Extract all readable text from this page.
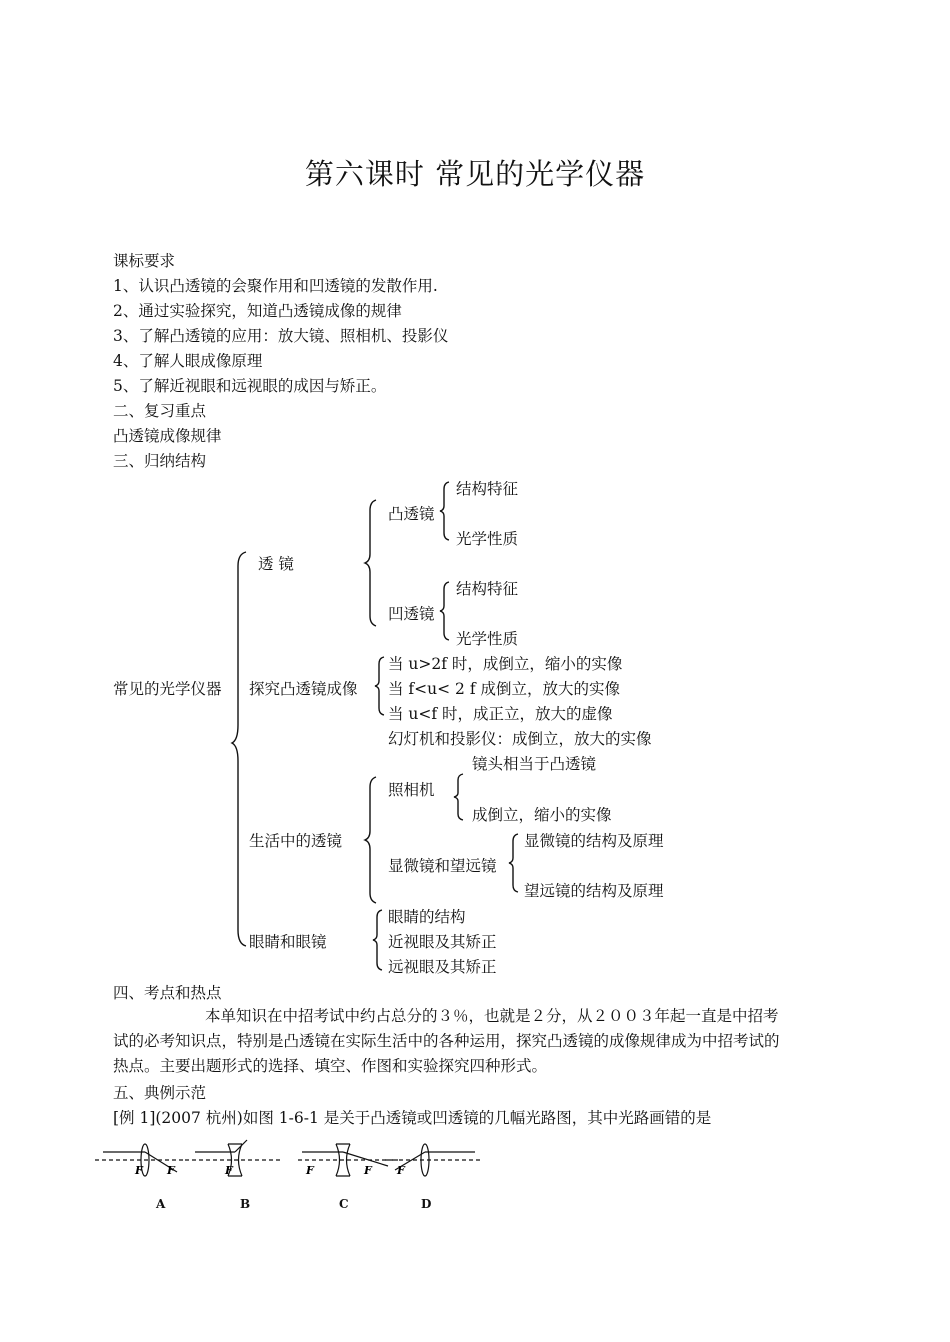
第六课时 常见的光学仪器
课标要求
1、认识凸透镜的会聚作用和凹透镜的发散作用.
2、通过实验探究，知道凸透镜成像的规律
3、了解凸透镜的应用：放大镜、照相机、投影仪
4、了解人眼成像原理
5、了解近视眼和远视眼的成因与矫正。
二、复习重点
凸透镜成像规律
三、归纳结构
常见的光学仪器
透 镜
凸透镜
结构特征
光学性质
凹透镜
结构特征
光学性质
探究凸透镜成像
当 u>2f 时，成倒立，缩小的实像
当 f<u< 2 f 成倒立，放大的实像
当 u<f 时，成正立，放大的虚像
幻灯机和投影仪：成倒立，放大的实像
生活中的透镜
照相机
镜头相当于凸透镜
成倒立，缩小的实像
显微镜和望远镜
显微镜的结构及原理
望远镜的结构及原理
眼睛和眼镜
眼睛的结构
近视眼及其矫正
远视眼及其矫正
四、考点和热点
本单知识在中招考试中约占总分的３％，也就是２分，从２００３年起一直是中招考试的必考知识点，特别是凸透镜在实际生活中的各种运用，探究凸透镜的成像规律成为中招考试的热点。主要出题形式的选择、填空、作图和实验探究四种形式。
五、典例示范
[例 1](2007 杭州)如图 1-6-1 是关于凸透镜或凹透镜的几幅光路图，其中光路画错的是
F F	F	F	F F
A	B	C	D
